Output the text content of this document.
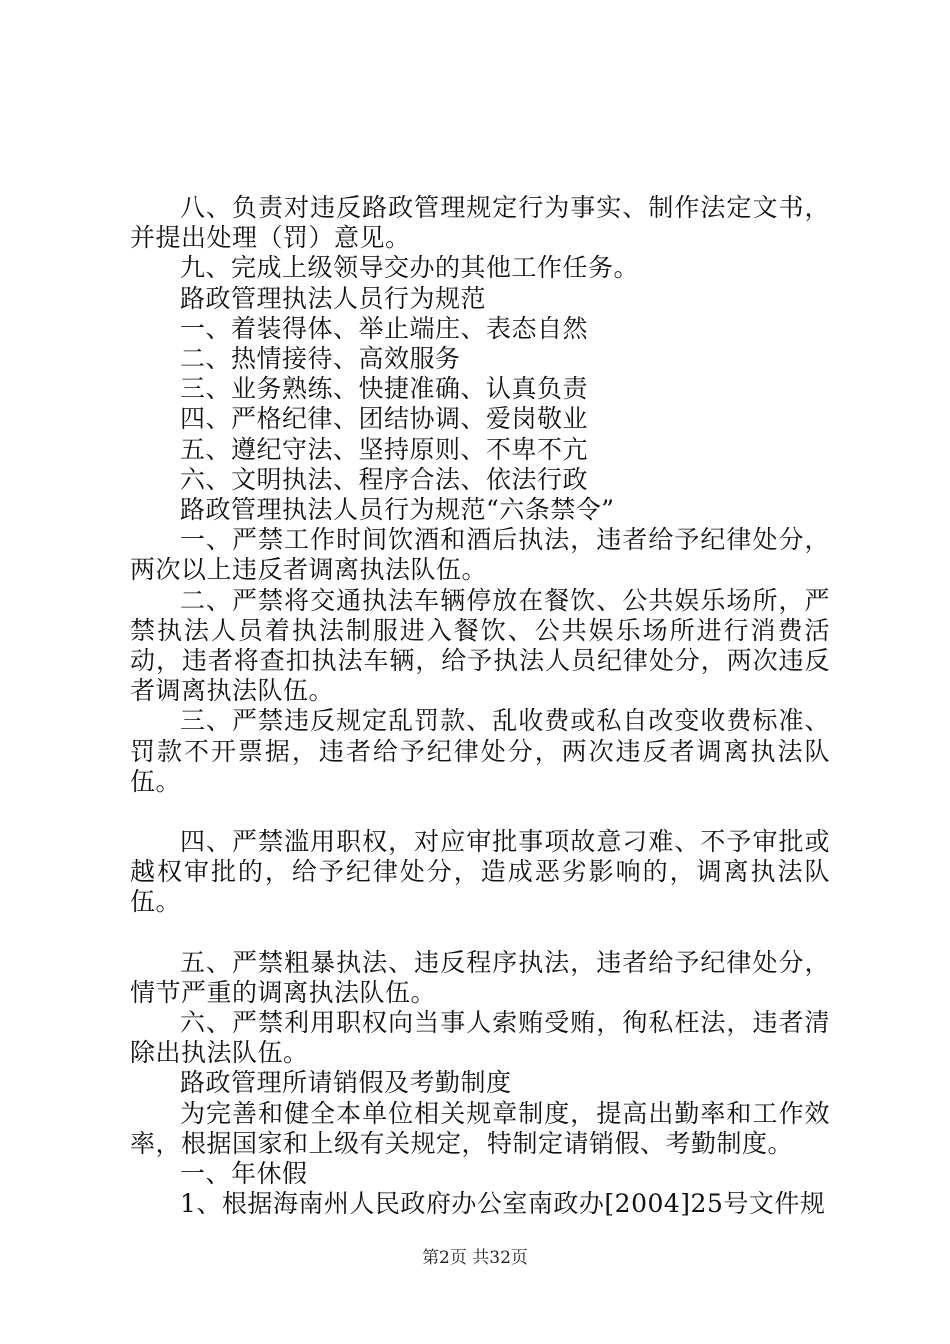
八、负责对违反路政管理规定行为事实、制作法定文书，并提出处理（罚）意见。

九、完成上级领导交办的其他工作任务。

路政管理执法人员行为规范

一、着装得体、举止端庄、表态自然

二、热情接待、高效服务

三、业务熟练、快捷准确、认真负责

四、严格纪律、团结协调、爱岗敬业

五、遵纪守法、坚持原则、不卑不亢

六、文明执法、程序合法、依法行政

路政管理执法人员行为规范“六条禁令”

一、严禁工作时间饮酒和酒后执法，违者给予纪律处分，两次以上违反者调离执法队伍。

二、严禁将交通执法车辆停放在餐饮、公共娱乐场所，严禁执法人员着执法制服进入餐饮、公共娱乐场所进行消费活动，违者将查扣执法车辆，给予执法人员纪律处分，两次违反者调离执法队伍。

三、严禁违反规定乱罚款、乱收费或私自改变收费标准、罚款不开票据，违者给予纪律处分，两次违反者调离执法队伍。

四、严禁滥用职权，对应审批事项故意刁难、不予审批或越权审批的，给予纪律处分，造成恶劣影响的，调离执法队伍。

五、严禁粗暴执法、违反程序执法，违者给予纪律处分，情节严重的调离执法队伍。

六、严禁利用职权向当事人索贿受贿，徇私枉法，违者清除出执法队伍。

路政管理所请销假及考勤制度

为完善和健全本单位相关规章制度，提高出勤率和工作效率，根据国家和上级有关规定，特制定请销假、考勤制度。

一、年休假

1、根据海南州人民政府办公室南政办[2004]25号文件规

第2页 共32页
